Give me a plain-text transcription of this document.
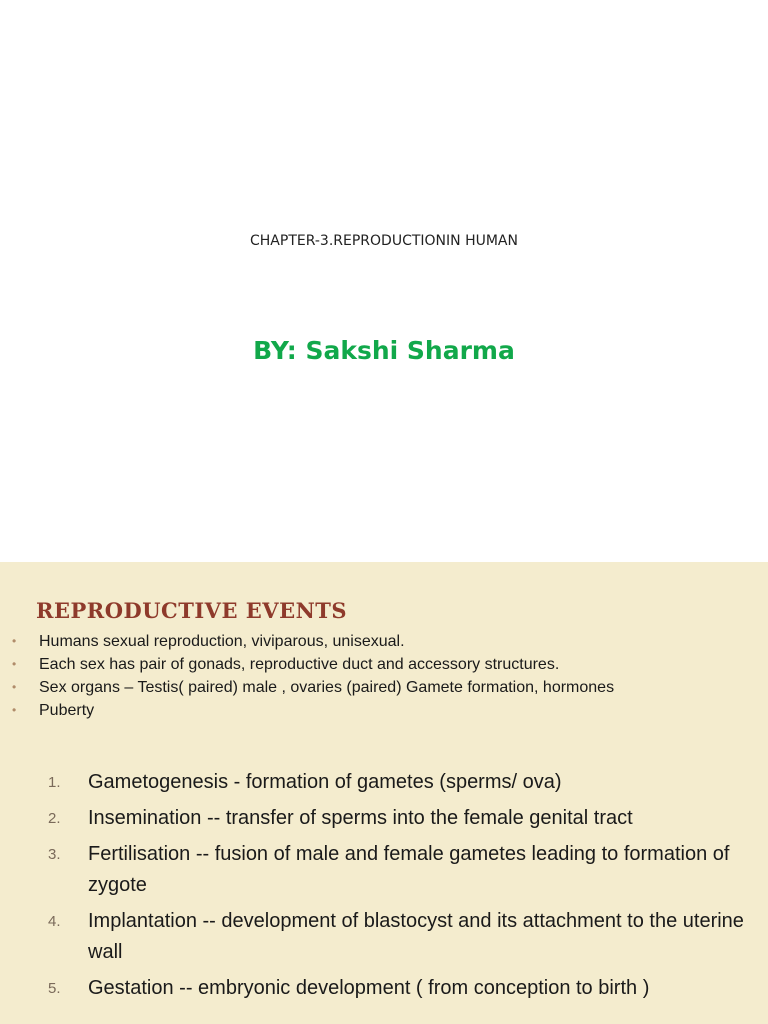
CHAPTER-3.REPRODUCTIONIN HUMAN
BY: Sakshi Sharma
REPRODUCTIVE EVENTS
• Humans sexual reproduction, viviparous, unisexual.
• Each sex has pair of gonads, reproductive duct and accessory structures.
• Sex organs – Testis( paired) male , ovaries (paired) Gamete formation, hormones
• Puberty
1. Gametogenesis - formation of gametes (sperms/ ova)
2. Insemination -- transfer of sperms into the female genital tract
3. Fertilisation -- fusion of male and female gametes leading to formation of zygote
4. Implantation -- development of blastocyst and its attachment to the uterine wall
5. Gestation -- embryonic development ( from conception to birth )
